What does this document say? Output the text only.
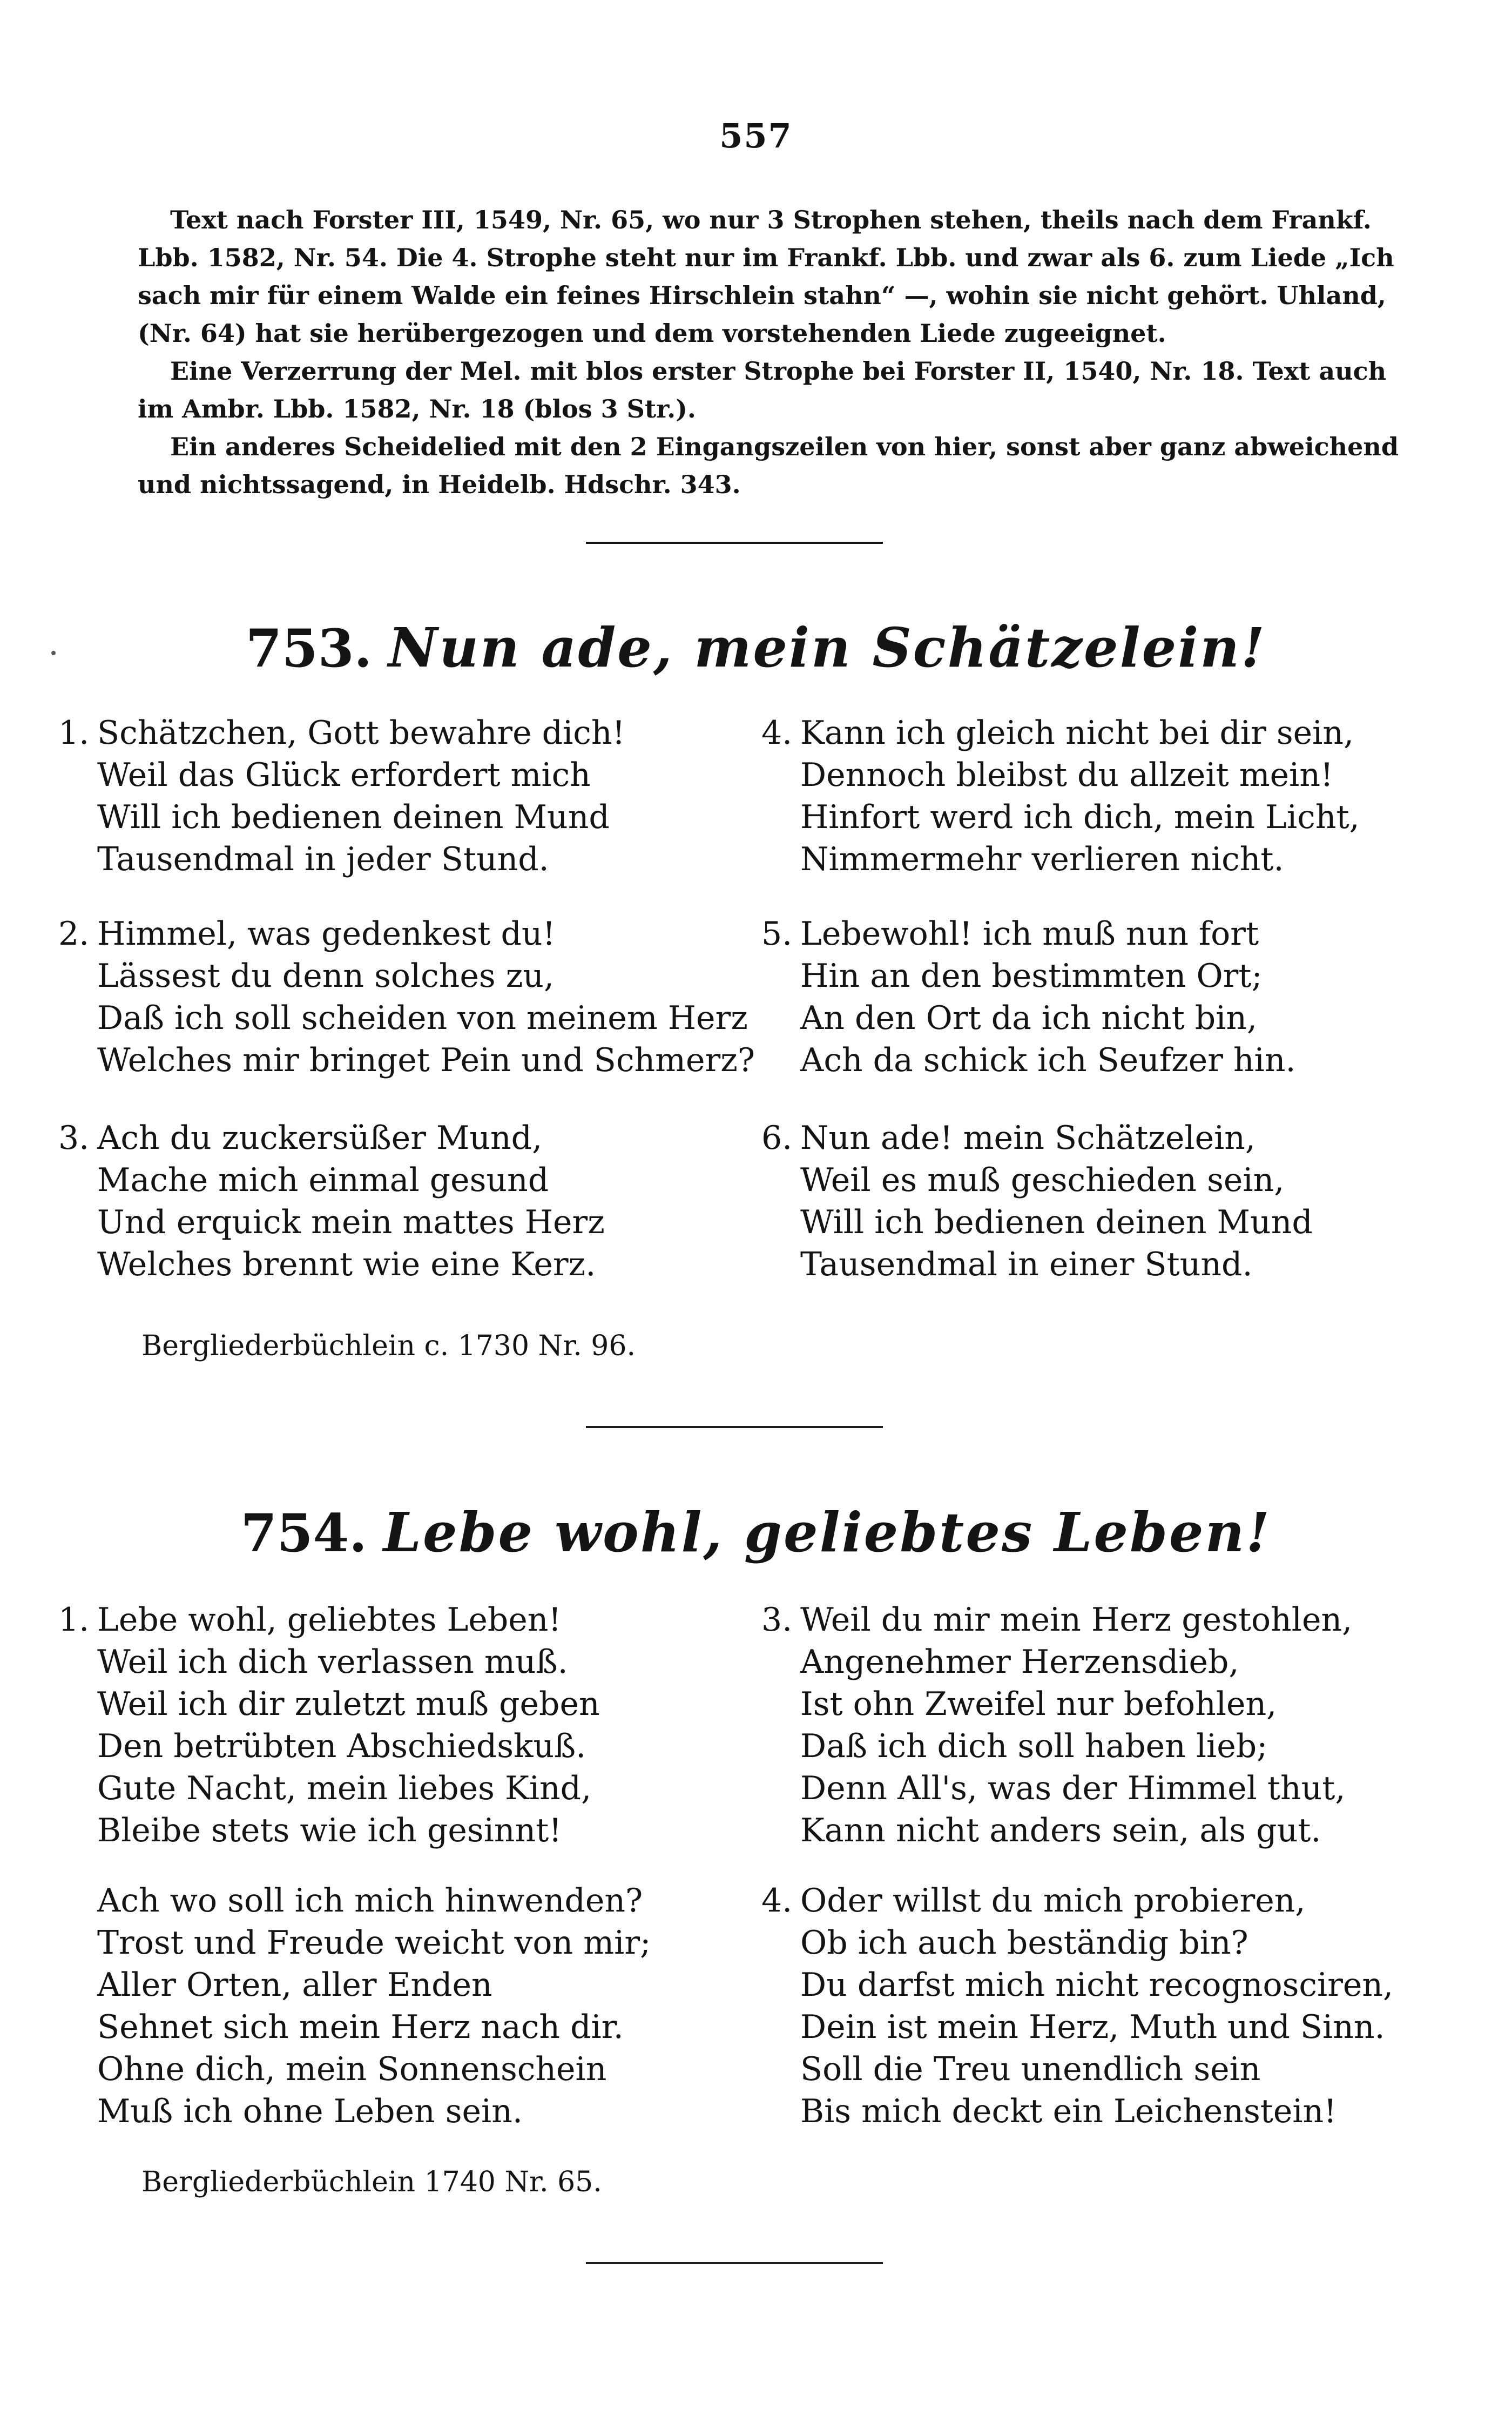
557

Text nach Forster III, 1549, Nr. 65, wo nur 3 Strophen stehen, theils nach dem Frankf. Lbb. 1582, Nr. 54. Die 4. Strophe steht nur im Frankf. Lbb. und zwar als 6. zum Liede „Ich sach mir für einem Walde ein feines Hirschlein stahn“ —, wohin sie nicht gehört. Uhland, (Nr. 64) hat sie herübergezogen und dem vorstehenden Liede zugeeignet.

Eine Verzerrung der Mel. mit blos erster Strophe bei Forster II, 1540, Nr. 18. Text auch im Ambr. Lbb. 1582, Nr. 18 (blos 3 Str.).

Ein anderes Scheidelied mit den 2 Eingangszeilen von hier, sonst aber ganz abweichend und nichtssagend, in Heidelb. Hdschr. 343.

753. Nun ade, mein Schätzelein!
1. Schätzchen, Gott bewahre dich!
Weil das Glück erfordert mich
Will ich bedienen deinen Mund
Tausendmal in jeder Stund.
2. Himmel, was gedenkest du!
Lässest du denn solches zu,
Daß ich soll scheiden von meinem Herz
Welches mir bringet Pein und Schmerz?
3. Ach du zuckersüßer Mund,
Mache mich einmal gesund
Und erquick mein mattes Herz
Welches brennt wie eine Kerz.
4. Kann ich gleich nicht bei dir sein,
Dennoch bleibst du allzeit mein!
Hinfort werd ich dich, mein Licht,
Nimmermehr verlieren nicht.
5. Lebewohl! ich muß nun fort
Hin an den bestimmten Ort;
An den Ort da ich nicht bin,
Ach da schick ich Seufzer hin.
6. Nun ade! mein Schätzelein,
Weil es muß geschieden sein,
Will ich bedienen deinen Mund
Tausendmal in einer Stund.
Bergliederbüchlein c. 1730 Nr. 96.
754. Lebe wohl, geliebtes Leben!
1. Lebe wohl, geliebtes Leben!
Weil ich dich verlassen muß.
Weil ich dir zuletzt muß geben
Den betrübten Abschiedskuß.
Gute Nacht, mein liebes Kind,
Bleibe stets wie ich gesinnt!
Ach wo soll ich mich hinwenden?
Trost und Freude weicht von mir;
Aller Orten, aller Enden
Sehnet sich mein Herz nach dir.
Ohne dich, mein Sonnenschein
Muß ich ohne Leben sein.
3. Weil du mir mein Herz gestohlen,
Angenehmer Herzensdieb,
Ist ohn Zweifel nur befohlen,
Daß ich dich soll haben lieb;
Denn All's, was der Himmel thut,
Kann nicht anders sein, als gut.
4. Oder willst du mich probieren,
Ob ich auch beständig bin?
Du darfst mich nicht recognosciren,
Dein ist mein Herz, Muth und Sinn.
Soll die Treu unendlich sein
Bis mich deckt ein Leichenstein!
Bergliederbüchlein 1740 Nr. 65.
